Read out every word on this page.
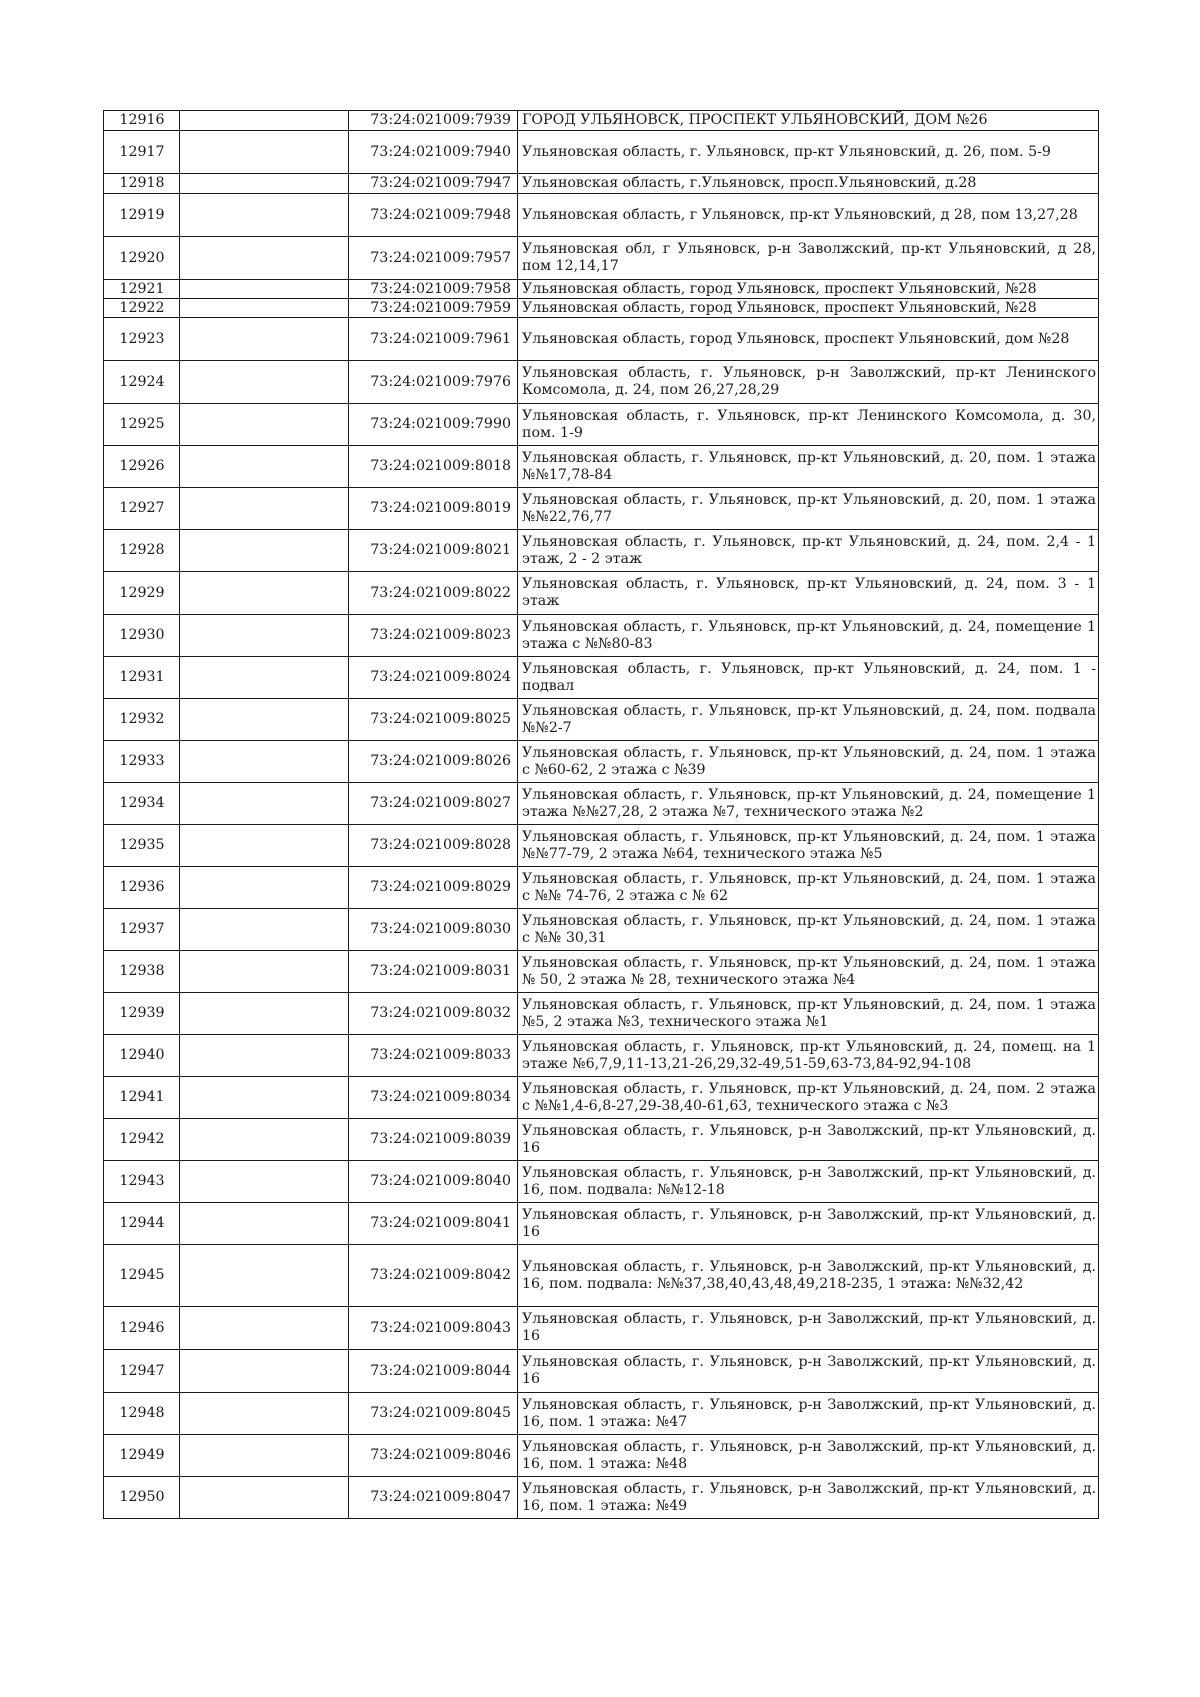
12916		73:24:021009:7939	ГОРОД УЛЬЯНОВСК, ПРОСПЕКТ УЛЬЯНОВСКИЙ, ДОМ №26
12917		73:24:021009:7940	Ульяновская область, г. Ульяновск, пр-кт Ульяновский, д. 26, пом. 5-9
12918		73:24:021009:7947	Ульяновская область, г.Ульяновск, просп.Ульяновский, д.28
12919		73:24:021009:7948	Ульяновская область, г Ульяновск, пр-кт Ульяновский, д 28, пом 13,27,28
12920		73:24:021009:7957	Ульяновская обл, г Ульяновск, р-н Заволжский, пр-кт Ульяновский, д 28, пом 12,14,17
12921		73:24:021009:7958	Ульяновская область, город Ульяновск, проспект Ульяновский, №28
12922		73:24:021009:7959	Ульяновская область, город Ульяновск, проспект Ульяновский, №28
12923		73:24:021009:7961	Ульяновская область, город Ульяновск, проспект Ульяновский, дом №28
12924		73:24:021009:7976	Ульяновская область, г. Ульяновск, р-н Заволжский, пр-кт Ленинского Комсомола, д. 24, пом 26,27,28,29
12925		73:24:021009:7990	Ульяновская область, г. Ульяновск, пр-кт Ленинского Комсомола, д. 30, пом. 1-9
12926		73:24:021009:8018	Ульяновская область, г. Ульяновск, пр-кт Ульяновский, д. 20, пом. 1 этажа №№17,78-84
12927		73:24:021009:8019	Ульяновская область, г. Ульяновск, пр-кт Ульяновский, д. 20, пом. 1 этажа №№22,76,77
12928		73:24:021009:8021	Ульяновская область, г. Ульяновск, пр-кт Ульяновский, д. 24, пом. 2,4 - 1 этаж, 2 - 2 этаж
12929		73:24:021009:8022	Ульяновская область, г. Ульяновск, пр-кт Ульяновский, д. 24, пом. 3 - 1 этаж
12930		73:24:021009:8023	Ульяновская область, г. Ульяновск, пр-кт Ульяновский, д. 24, помещение 1 этажа с №№80-83
12931		73:24:021009:8024	Ульяновская область, г. Ульяновск, пр-кт Ульяновский, д. 24, пом. 1 - подвал
12932		73:24:021009:8025	Ульяновская область, г. Ульяновск, пр-кт Ульяновский, д. 24, пом. подвала №№2-7
12933		73:24:021009:8026	Ульяновская область, г. Ульяновск, пр-кт Ульяновский, д. 24, пом. 1 этажа с №60-62, 2 этажа с №39
12934		73:24:021009:8027	Ульяновская область, г. Ульяновск, пр-кт Ульяновский, д. 24, помещение 1 этажа №№27,28, 2 этажа №7, технического этажа №2
12935		73:24:021009:8028	Ульяновская область, г. Ульяновск, пр-кт Ульяновский, д. 24, пом. 1 этажа №№77-79, 2 этажа №64, технического этажа №5
12936		73:24:021009:8029	Ульяновская область, г. Ульяновск, пр-кт Ульяновский, д. 24, пом. 1 этажа с №№ 74-76, 2 этажа с № 62
12937		73:24:021009:8030	Ульяновская область, г. Ульяновск, пр-кт Ульяновский, д. 24, пом. 1 этажа с №№ 30,31
12938		73:24:021009:8031	Ульяновская область, г. Ульяновск, пр-кт Ульяновский, д. 24, пом. 1 этажа № 50, 2 этажа № 28, технического этажа №4
12939		73:24:021009:8032	Ульяновская область, г. Ульяновск, пр-кт Ульяновский, д. 24, пом. 1 этажа №5, 2 этажа №3, технического этажа №1
12940		73:24:021009:8033	Ульяновская область, г. Ульяновск, пр-кт Ульяновский, д. 24, помещ. на 1 этаже №6,7,9,11-13,21-26,29,32-49,51-59,63-73,84-92,94-108
12941		73:24:021009:8034	Ульяновская область, г. Ульяновск, пр-кт Ульяновский, д. 24, пом. 2 этажа с №№1,4-6,8-27,29-38,40-61,63, технического этажа с №3
12942		73:24:021009:8039	Ульяновская область, г. Ульяновск, р-н Заволжский, пр-кт Ульяновский, д. 16
12943		73:24:021009:8040	Ульяновская область, г. Ульяновск, р-н Заволжский, пр-кт Ульяновский, д. 16, пом. подвала: №№12-18
12944		73:24:021009:8041	Ульяновская область, г. Ульяновск, р-н Заволжский, пр-кт Ульяновский, д. 16
12945		73:24:021009:8042	Ульяновская область, г. Ульяновск, р-н Заволжский, пр-кт Ульяновский, д. 16, пом. подвала: №№37,38,40,43,48,49,218-235, 1 этажа: №№32,42
12946		73:24:021009:8043	Ульяновская область, г. Ульяновск, р-н Заволжский, пр-кт Ульяновский, д. 16
12947		73:24:021009:8044	Ульяновская область, г. Ульяновск, р-н Заволжский, пр-кт Ульяновский, д. 16
12948		73:24:021009:8045	Ульяновская область, г. Ульяновск, р-н Заволжский, пр-кт Ульяновский, д. 16, пом. 1 этажа: №47
12949		73:24:021009:8046	Ульяновская область, г. Ульяновск, р-н Заволжский, пр-кт Ульяновский, д. 16, пом. 1 этажа: №48
12950		73:24:021009:8047	Ульяновская область, г. Ульяновск, р-н Заволжский, пр-кт Ульяновский, д. 16, пом. 1 этажа: №49
